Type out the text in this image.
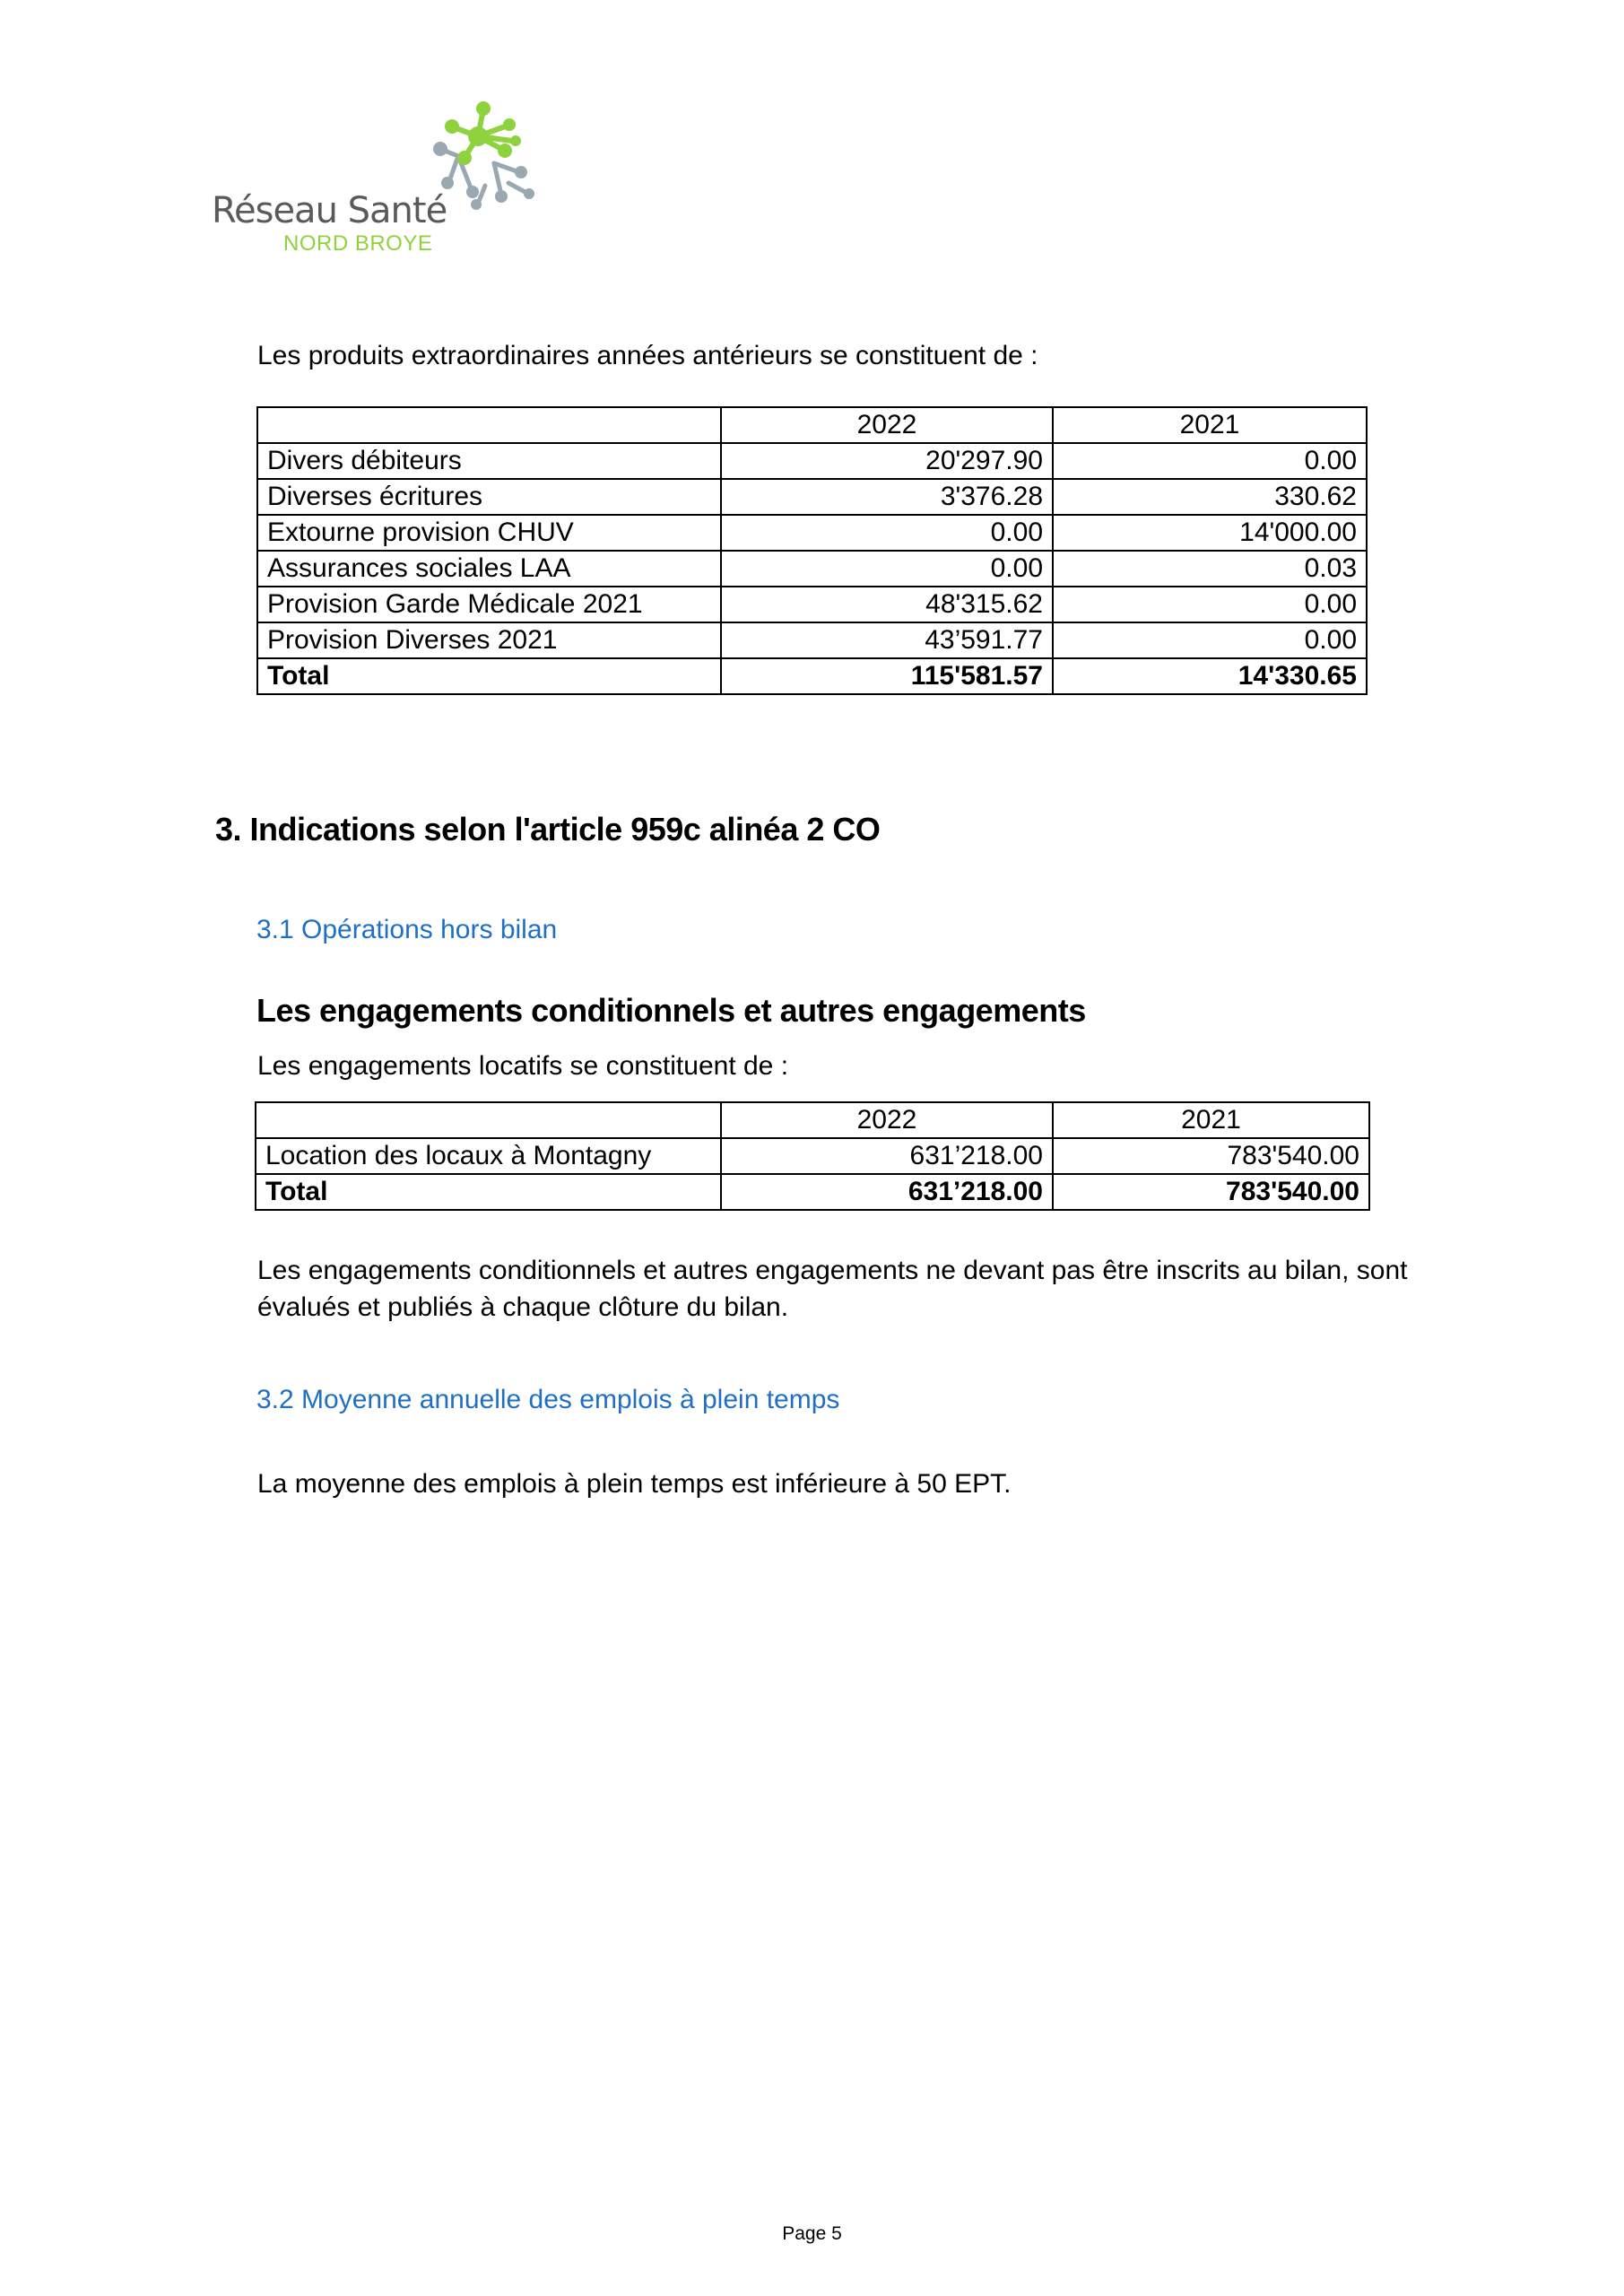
Réseau Santé
NORD BROYE
Les produits extraordinaires années antérieurs se constituent de :
	2022	2021
Divers débiteurs	20'297.90	0.00
Diverses écritures	3'376.28	330.62
Extourne provision CHUV	0.00	14'000.00
Assurances sociales LAA	0.00	0.03
Provision Garde Médicale 2021	48'315.62	0.00
Provision Diverses 2021	43’591.77	0.00
Total	115'581.57	14'330.65
3. Indications selon l'article 959c alinéa 2 CO
3.1 Opérations hors bilan
Les engagements conditionnels et autres engagements
Les engagements locatifs se constituent de :
	2022	2021
Location des locaux à Montagny	631’218.00	783'540.00
Total	631’218.00	783'540.00
Les engagements conditionnels et autres engagements ne devant pas être inscrits au bilan, sont évalués et publiés à chaque clôture du bilan.
3.2 Moyenne annuelle des emplois à plein temps
La moyenne des emplois à plein temps est inférieure à 50 EPT.
Page 5
